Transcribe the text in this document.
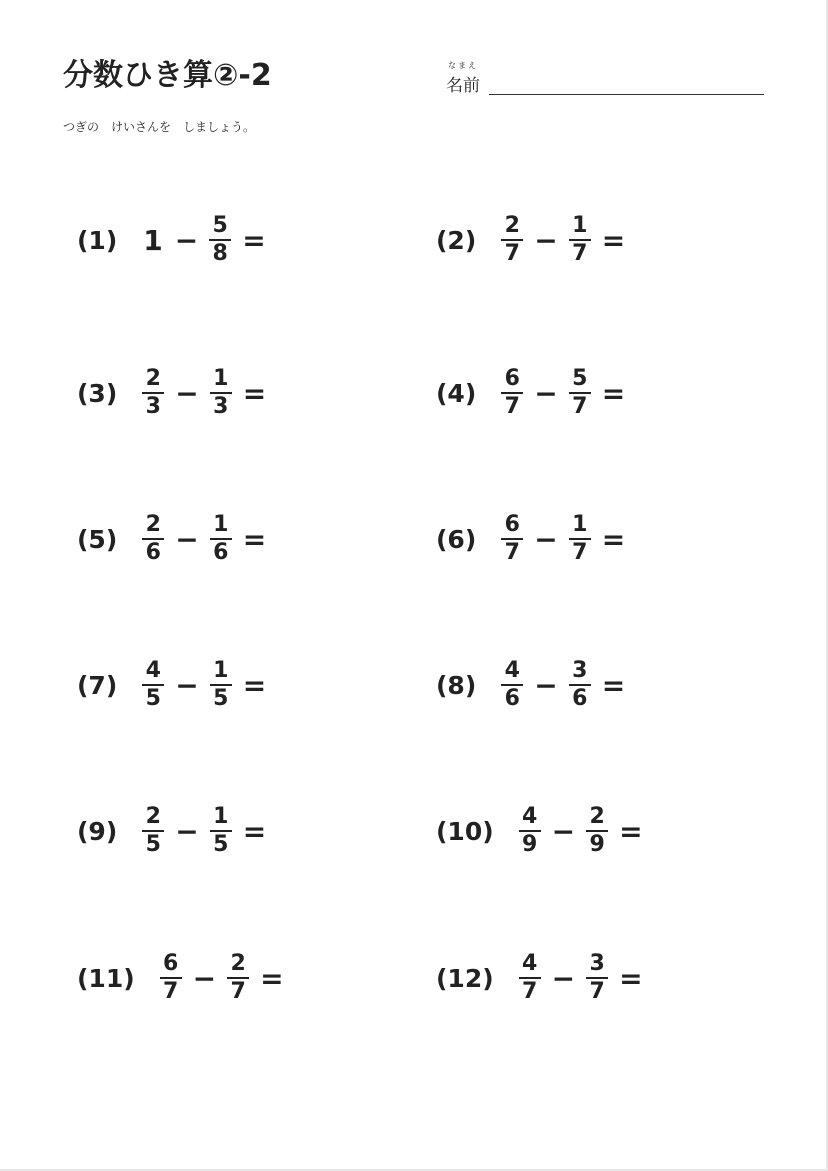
分数ひき算②-2	なまえ
名前
つぎの　けいさんを　しましょう。
(1) $1 - \frac{5}{8}$ =	$(2) \frac{2}{7} - \frac{1}{7}$ =
$(3) \frac{2}{3} - \frac{1}{3}$ =	$(4) \frac{6}{7} - \frac{5}{7}$ =
$(5) \frac{2}{6} - \frac{1}{6}$ =	$(6) \frac{6}{7} - \frac{1}{7}$ =
$(7) \frac{4}{5} - \frac{1}{5}$ =	$(8) \frac{4}{6} - \frac{3}{6}$ =
$(9) \frac{2}{5} - \frac{1}{5}$ =	$(10) \frac{4}{9} - \frac{2}{9}$ =
$(11) \frac{6}{7} - \frac{2}{7}$ =	$(12) \frac{4}{7} - \frac{3}{7}$ =
